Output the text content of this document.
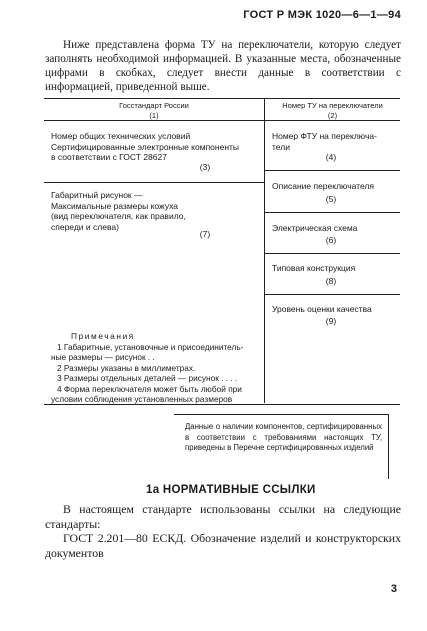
ГОСТ Р МЭК 1020—6—1—94
Ниже представлена форма ТУ на переключатели, которую следует заполнять необходимой информацией. В указанные места, обозначенные цифрами в скобках, следует внести данные в соответствии с информацией, приведенной выше.
Госстандарт России
(1)
Номер ТУ на переключатели
(2)
Номер общих технических условий
Сертифицированные электронные компоненты
в соответствии с ГОСТ 28627
(3)
Габаритный рисунок —
Максимальные размеры кожуха
(вид переключателя, как правило,
спереди и слева)
(7)
Примечания
1 Габаритные, установочные и присоединитель-
ные размеры — рисунок . .
2 Размеры указаны в миллиметрах.
3 Размеры отдельных деталей — рисунок . . . .
4 Форма переключателя может быть любой при
условии соблюдения установленных размеров
Номер ФТУ на переключа-
тели
(4)
Описание переключателя
(5)
Электрическая схема
(6)
Типовая конструкция
(8)
Уровень оценки качества
(9)
Данные о наличии компонентов, сертифицированных в соответствии с требованиями настоящих ТУ, приведены в Перечне сертифицированных изделий
1а НОРМАТИВНЫЕ ССЫЛКИ
В настоящем стандарте использованы ссылки на следующие стандарты:
ГОСТ 2.201—80 ЕСКД. Обозначение изделий и конструкторских документов
3
